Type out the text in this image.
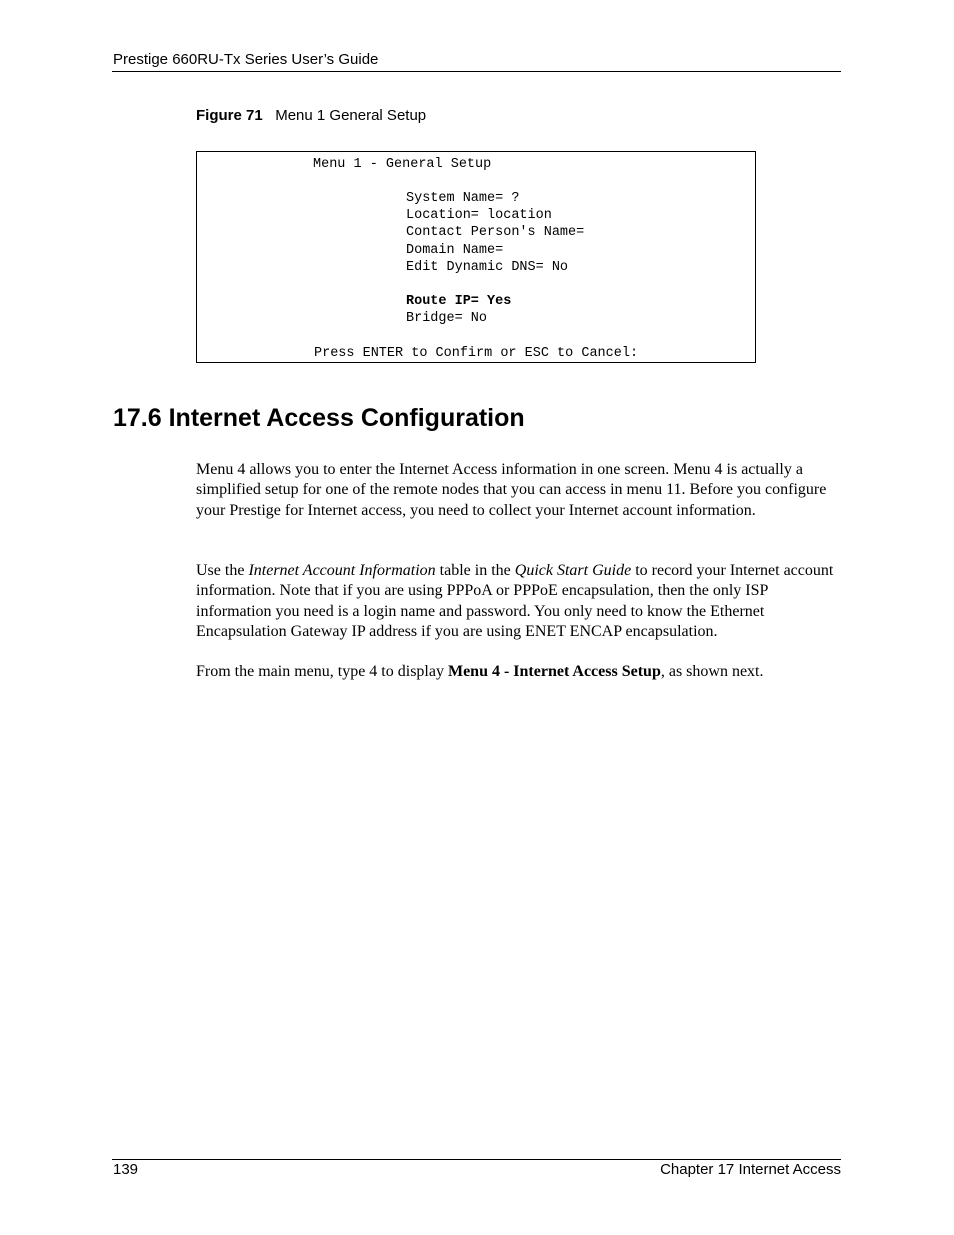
Prestige 660RU-Tx Series User’s Guide
Figure 71 Menu 1 General Setup
Menu 1 - General Setup
System Name= ?
Location= location
Contact Person's Name=
Domain Name=
Edit Dynamic DNS= No
Route IP= Yes
Bridge= No
Press ENTER to Confirm or ESC to Cancel:
17.6 Internet Access Configuration
Menu 4 allows you to enter the Internet Access information in one screen. Menu 4 is actually a simplified setup for one of the remote nodes that you can access in menu 11. Before you configure your Prestige for Internet access, you need to collect your Internet account information.
Use the Internet Account Information table in the Quick Start Guide to record your Internet account information. Note that if you are using PPPoA or PPPoE encapsulation, then the only ISP information you need is a login name and password. You only need to know the Ethernet Encapsulation Gateway IP address if you are using ENET ENCAP encapsulation.
From the main menu, type 4 to display Menu 4 - Internet Access Setup, as shown next.
139	Chapter 17 Internet Access
